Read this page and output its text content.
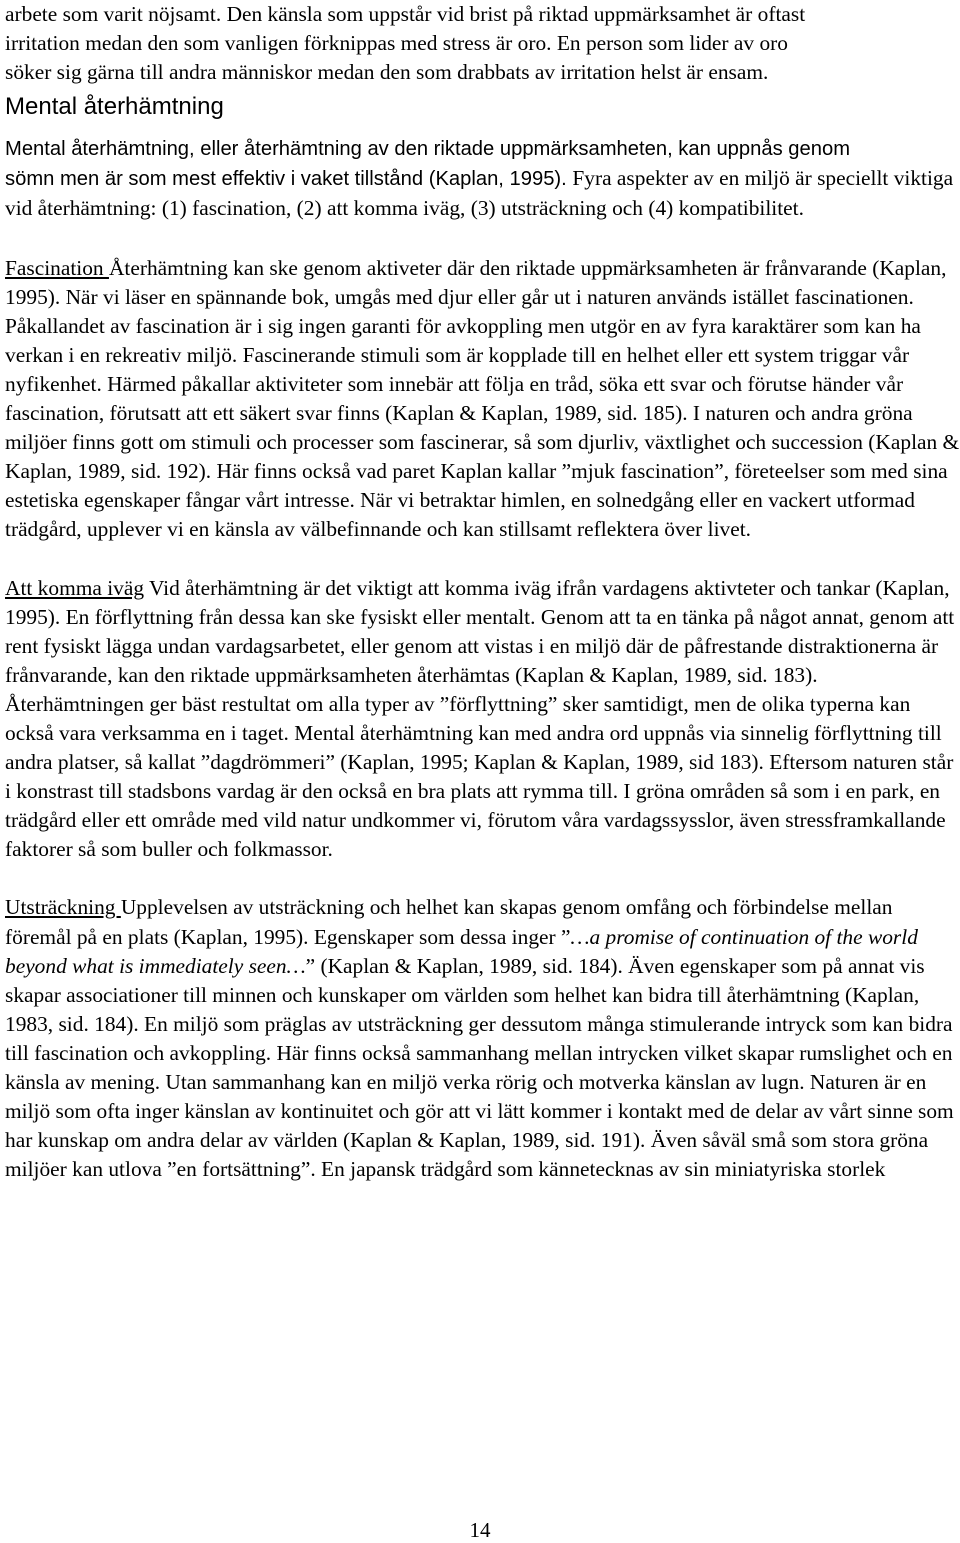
arbete som varit nöjsamt. Den känsla som uppstår vid brist på riktad uppmärksamhet är oftast
irritation medan den som vanligen förknippas med stress är oro. En person som lider av oro
söker sig gärna till andra människor medan den som drabbats av irritation helst är ensam.

Mental återhämtning

Mental återhämtning, eller återhämtning av den riktade uppmärksamheten, kan uppnås genom
sömn men är som mest effektiv i vaket tillstånd (Kaplan, 1995). Fyra aspekter av en miljö är speciellt viktiga vid återhämtning: (1) fascination, (2) att komma iväg, (3) utsträckning och (4) kompatibilitet.

Fascination Återhämtning kan ske genom aktiveter där den riktade uppmärksamheten är frånvarande (Kaplan, 1995). När vi läser en spännande bok, umgås med djur eller går ut i naturen används istället fascinationen. Påkallandet av fascination är i sig ingen garanti för avkoppling men utgör en av fyra karaktärer som kan ha verkan i en rekreativ miljö. Fascinerande stimuli som är kopplade till en helhet eller ett system triggar vår nyfikenhet. Härmed påkallar aktiviteter som innebär att följa en tråd, söka ett svar och förutse händer vår fascination, förutsatt att ett säkert svar finns (Kaplan & Kaplan, 1989, sid. 185). I naturen och andra gröna miljöer finns gott om stimuli och processer som fascinerar, så som djurliv, växtlighet och succession (Kaplan & Kaplan, 1989, sid. 192). Här finns också vad paret Kaplan kallar ”mjuk fascination”, företeelser som med sina estetiska egenskaper fångar vårt intresse. När vi betraktar himlen, en solnedgång eller en vackert utformad trädgård, upplever vi en känsla av välbefinnande och kan stillsamt reflektera över livet.

Att komma iväg Vid återhämtning är det viktigt att komma iväg ifrån vardagens aktivteter och tankar (Kaplan, 1995). En förflyttning från dessa kan ske fysiskt eller mentalt. Genom att ta en tänka på något annat, genom att rent fysiskt lägga undan vardagsarbetet, eller genom att vistas i en miljö där de påfrestande distraktionerna är frånvarande, kan den riktade uppmärksamheten återhämtas (Kaplan & Kaplan, 1989, sid. 183). Återhämtningen ger bäst restultat om alla typer av ”förflyttning” sker samtidigt, men de olika typerna kan också vara verksamma en i taget. Mental återhämtning kan med andra ord uppnås via sinnelig förflyttning till andra platser, så kallat ”dagdrömmeri” (Kaplan, 1995; Kaplan & Kaplan, 1989, sid 183). Eftersom naturen står i konstrast till stadsbons vardag är den också en bra plats att rymma till. I gröna områden så som i en park, en trädgård eller ett område med vild natur undkommer vi, förutom våra vardagssysslor, även stressframkallande faktorer så som buller och folkmassor.

Utsträckning Upplevelsen av utsträckning och helhet kan skapas genom omfång och förbindelse mellan föremål på en plats (Kaplan, 1995). Egenskaper som dessa inger ”…a promise of continuation of the world beyond what is immediately seen…” (Kaplan & Kaplan, 1989, sid. 184). Även egenskaper som på annat vis skapar associationer till minnen och kunskaper om världen som helhet kan bidra till återhämtning (Kaplan, 1983, sid. 184). En miljö som präglas av utsträckning ger dessutom många stimulerande intryck som kan bidra till fascination och avkoppling. Här finns också sammanhang mellan intrycken vilket skapar rumslighet och en känsla av mening. Utan sammanhang kan en miljö verka rörig och motverka känslan av lugn. Naturen är en miljö som ofta inger känslan av kontinuitet och gör att vi lätt kommer i kontakt med de delar av vårt sinne som har kunskap om andra delar av världen (Kaplan & Kaplan, 1989, sid. 191). Även såväl små som stora gröna miljöer kan utlova ”en fortsättning”. En japansk trädgård som kännetecknas av sin miniatyriska storlek

14
